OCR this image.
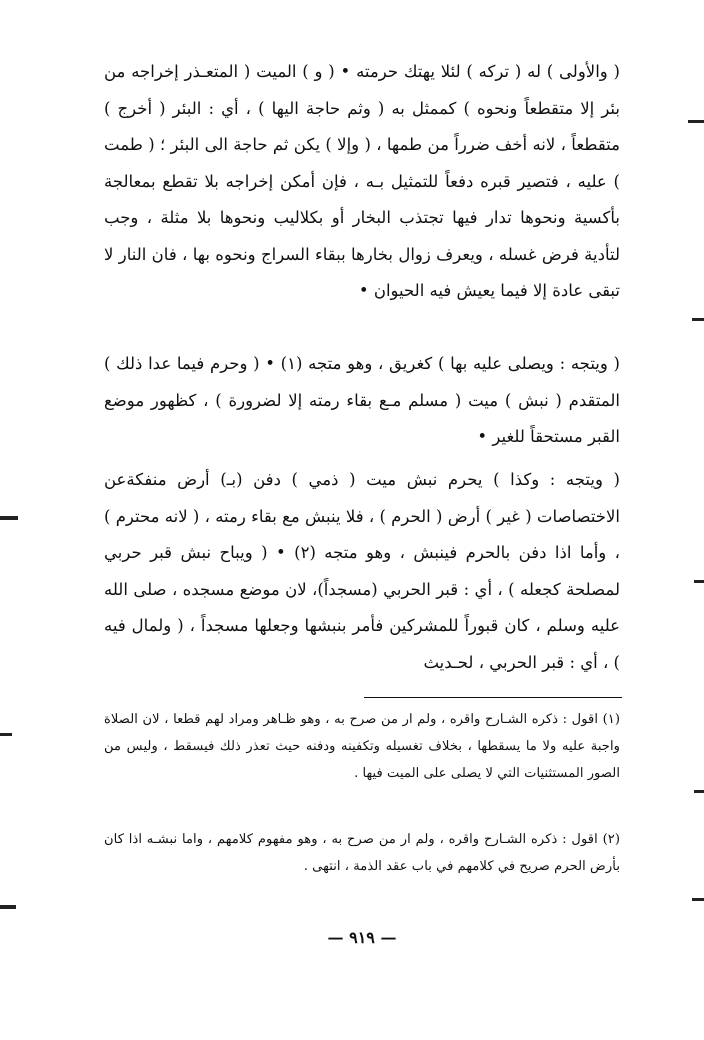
( والأولى ) له ( تركه ) لئلا يهتك حرمته • ( و ) الميت ( المتعـذر إخراجه من بئر إلا متقطعاً ونحوه ) كممثل به ( وثم حاجة اليها ) ، أي : البئر ( أخرج ) متقطعاً ، لانه أخف ضرراً من طمها ، ( وإلا ) يكن ثم حاجة الى البئر ؛ ( طمت ) عليه ، فتصير قبره دفعاً للتمثيل بـه ، فإن أمكن إخراجه بلا تقطع بمعالجة بأكسية ونحوها تدار فيها تجتذب البخار أو بكلاليب ونحوها بلا مثلة ، وجب لتأدية فرض غسله ، ويعرف زوال بخارها ببقاء السراج ونحوه بها ، فان النار لا تبقى عادة إلا فيما يعيش فيه الحيوان •

( ويتجه : ويصلى عليه بها ) كغريق ، وهو متجه (١) • ( وحرم فيما عدا ذلك ) المتقدم ( نبش ) ميت ( مسلم مـع بقاء رمته إلا لضرورة ) ، كظهور موضع القبر مستحقاً للغير •

( ويتجه : وكذا ) يحرم نبش ميت ( ذمي ) دفن (بـ) أرض منفكةعن الاختصاصات ( غير ) أرض ( الحرم ) ، فلا ينبش مع بقاء رمته ، ( لانه محترم ) ، وأما اذا دفن بالحرم فينبش ، وهو متجه (٢) • ( ويباح نبش قبر حربي لمصلحة كجعله ) ، أي : قبر الحربي (مسجداً)، لان موضع مسجده ، صلى الله عليه وسلم ، كان قبوراً للمشركين فأمر بنبشها وجعلها مسجداً ، ( ولمال فيه ) ، أي : قبر الحربي ، لحـديث

(١) اقول : ذكره الشـارح واقره ، ولم ار من صرح به ، وهو ظـاهر ومراد لهم قطعا ، لان الصلاة واجبة عليه ولا ما يسقطها ، بخلاف تغسيله وتكفينه ودفنه حيث تعذر ذلك فيسقط ، وليس من الصور المستثنيات التي لا يصلى على الميت فيها .

(٢) اقول : ذكره الشـارح واقره ، ولم ار من صرح به ، وهو مفهوم كلامهم ، واما نبشـه اذا كان بأرض الحرم صريح في كلامهم في باب عقد الذمة ، انتهى .

— ٩١٩ —
